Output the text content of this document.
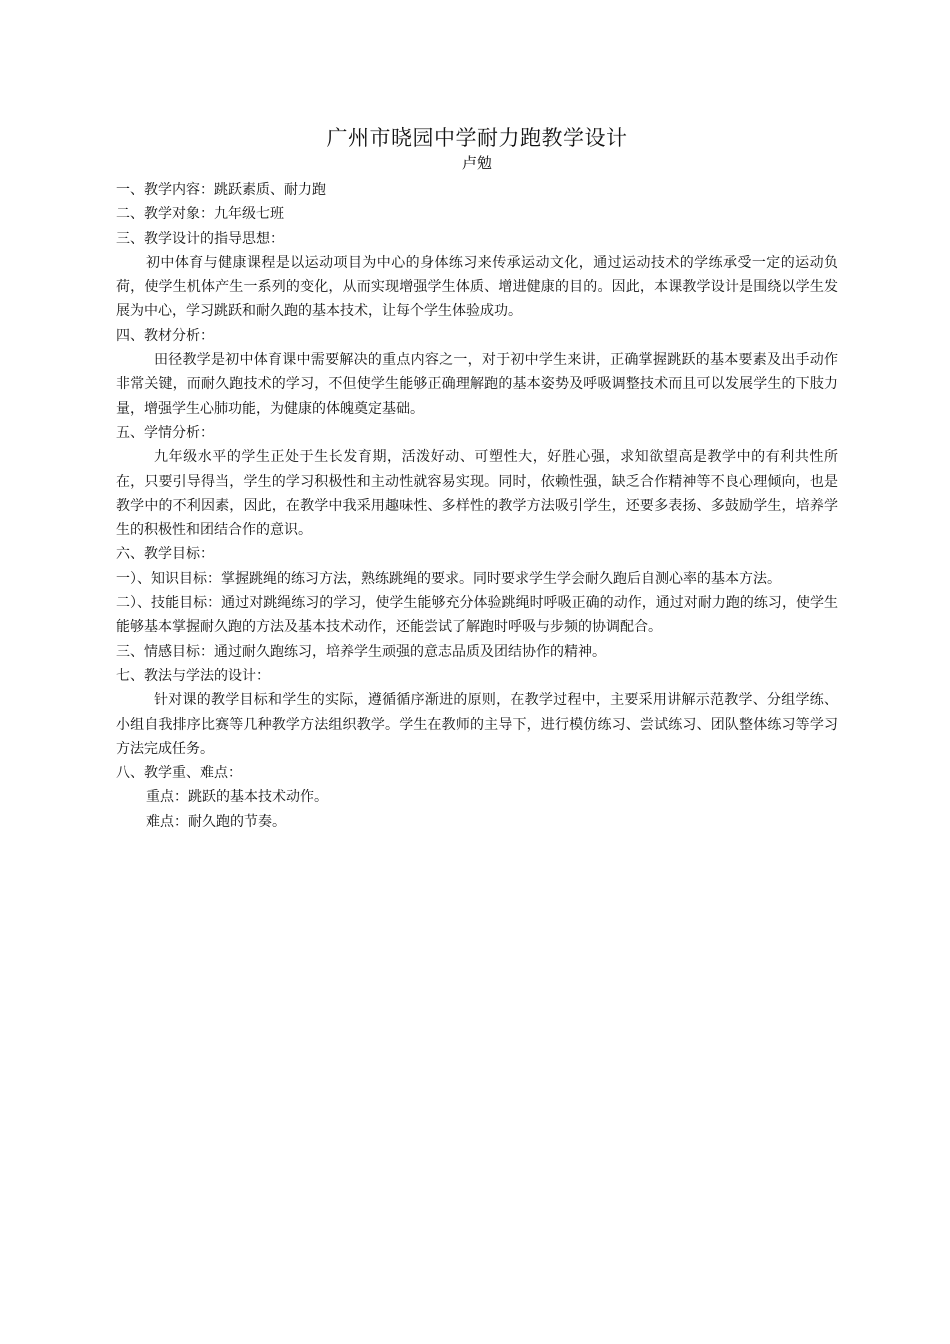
广州市晓园中学耐力跑教学设计

卢勉

一、教学内容：跳跃素质、耐力跑

二、教学对象：九年级七班

三、教学设计的指导思想：

初中体育与健康课程是以运动项目为中心的身体练习来传承运动文化，通过运动技术的学练承受一定的运动负荷，使学生机体产生一系列的变化，从而实现增强学生体质、增进健康的目的。因此，本课教学设计是围绕以学生发展为中心，学习跳跃和耐久跑的基本技术，让每个学生体验成功。

四、教材分析：

田径教学是初中体育课中需要解决的重点内容之一，对于初中学生来讲，正确掌握跳跃的基本要素及出手动作非常关键，而耐久跑技术的学习，不但使学生能够正确理解跑的基本姿势及呼吸调整技术而且可以发展学生的下肢力量，增强学生心肺功能，为健康的体魄奠定基础。

五、学情分析：

九年级水平的学生正处于生长发育期，活泼好动、可塑性大，好胜心强，求知欲望高是教学中的有利共性所在，只要引导得当，学生的学习积极性和主动性就容易实现。同时，依赖性强，缺乏合作精神等不良心理倾向，也是教学中的不利因素，因此，在教学中我采用趣味性、多样性的教学方法吸引学生，还要多表扬、多鼓励学生，培养学生的积极性和团结合作的意识。

六、教学目标：

一）、知识目标：掌握跳绳的练习方法，熟练跳绳的要求。同时要求学生学会耐久跑后自测心率的基本方法。

二）、技能目标：通过对跳绳练习的学习，使学生能够充分体验跳绳时呼吸正确的动作，通过对耐力跑的练习，使学生能够基本掌握耐久跑的方法及基本技术动作，还能尝试了解跑时呼吸与步频的协调配合。

三、情感目标：通过耐久跑练习，培养学生顽强的意志品质及团结协作的精神。

七、教法与学法的设计：

针对课的教学目标和学生的实际，遵循循序渐进的原则，在教学过程中，主要采用讲解示范教学、分组学练、小组自我排序比赛等几种教学方法组织教学。学生在教师的主导下，进行模仿练习、尝试练习、团队整体练习等学习方法完成任务。

八、教学重、难点：

重点：跳跃的基本技术动作。

难点：耐久跑的节奏。
